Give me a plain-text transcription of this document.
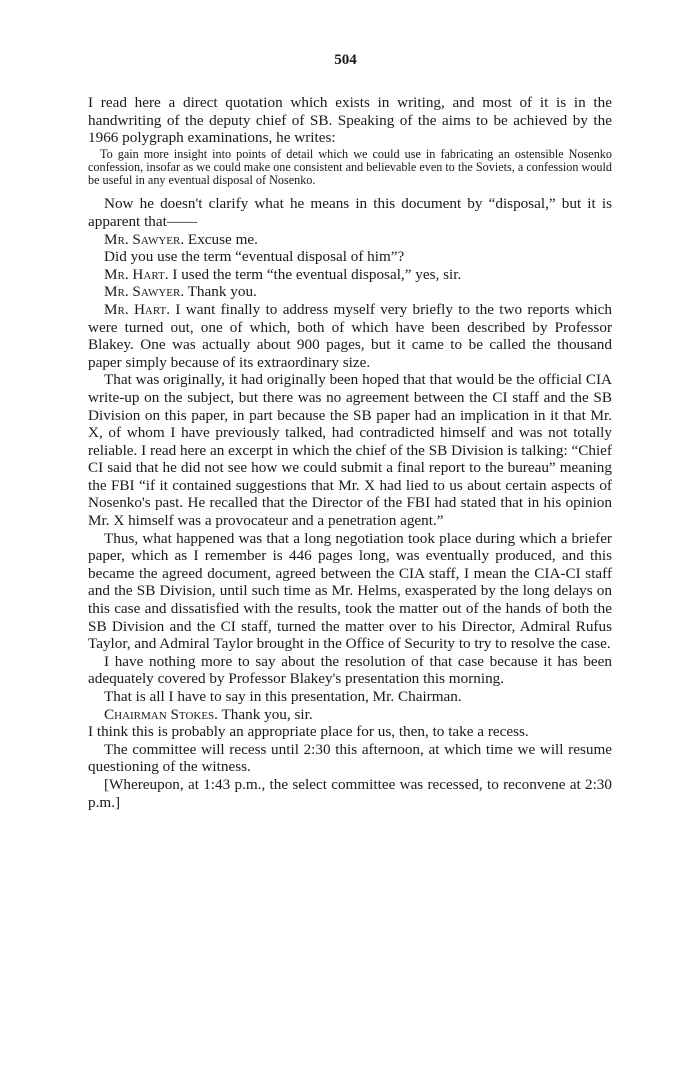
504

I read here a direct quotation which exists in writing, and most of it is in the handwriting of the deputy chief of SB. Speaking of the aims to be achieved by the 1966 polygraph examinations, he writes:

To gain more insight into points of detail which we could use in fabricating an ostensible Nosenko confession, insofar as we could make one consistent and believable even to the Soviets, a confession would be useful in any eventual disposal of Nosenko.

Now he doesn't clarify what he means in this document by “disposal,” but it is apparent that——

Mr. Sawyer. Excuse me.

Did you use the term “eventual disposal of him”?

Mr. Hart. I used the term “the eventual disposal,” yes, sir.

Mr. Sawyer. Thank you.

Mr. Hart. I want finally to address myself very briefly to the two reports which were turned out, one of which, both of which have been described by Professor Blakey. One was actually about 900 pages, but it came to be called the thousand paper simply because of its extraordinary size.

That was originally, it had originally been hoped that that would be the official CIA write-up on the subject, but there was no agreement between the CI staff and the SB Division on this paper, in part because the SB paper had an implication in it that Mr. X, of whom I have previously talked, had contradicted himself and was not totally reliable. I read here an excerpt in which the chief of the SB Division is talking: “Chief CI said that he did not see how we could submit a final report to the bureau” meaning the FBI “if it contained suggestions that Mr. X had lied to us about certain aspects of Nosenko's past. He recalled that the Director of the FBI had stated that in his opinion Mr. X himself was a provocateur and a penetration agent.”

Thus, what happened was that a long negotiation took place during which a briefer paper, which as I remember is 446 pages long, was eventually produced, and this became the agreed document, agreed between the CIA staff, I mean the CIA-CI staff and the SB Division, until such time as Mr. Helms, exasperated by the long delays on this case and dissatisfied with the results, took the matter out of the hands of both the SB Division and the CI staff, turned the matter over to his Director, Admiral Rufus Taylor, and Admiral Taylor brought in the Office of Security to try to resolve the case.

I have nothing more to say about the resolution of that case because it has been adequately covered by Professor Blakey's presentation this morning.

That is all I have to say in this presentation, Mr. Chairman.

Chairman Stokes. Thank you, sir.

I think this is probably an appropriate place for us, then, to take a recess.

The committee will recess until 2:30 this afternoon, at which time we will resume questioning of the witness.

[Whereupon, at 1:43 p.m., the select committee was recessed, to reconvene at 2:30 p.m.]
